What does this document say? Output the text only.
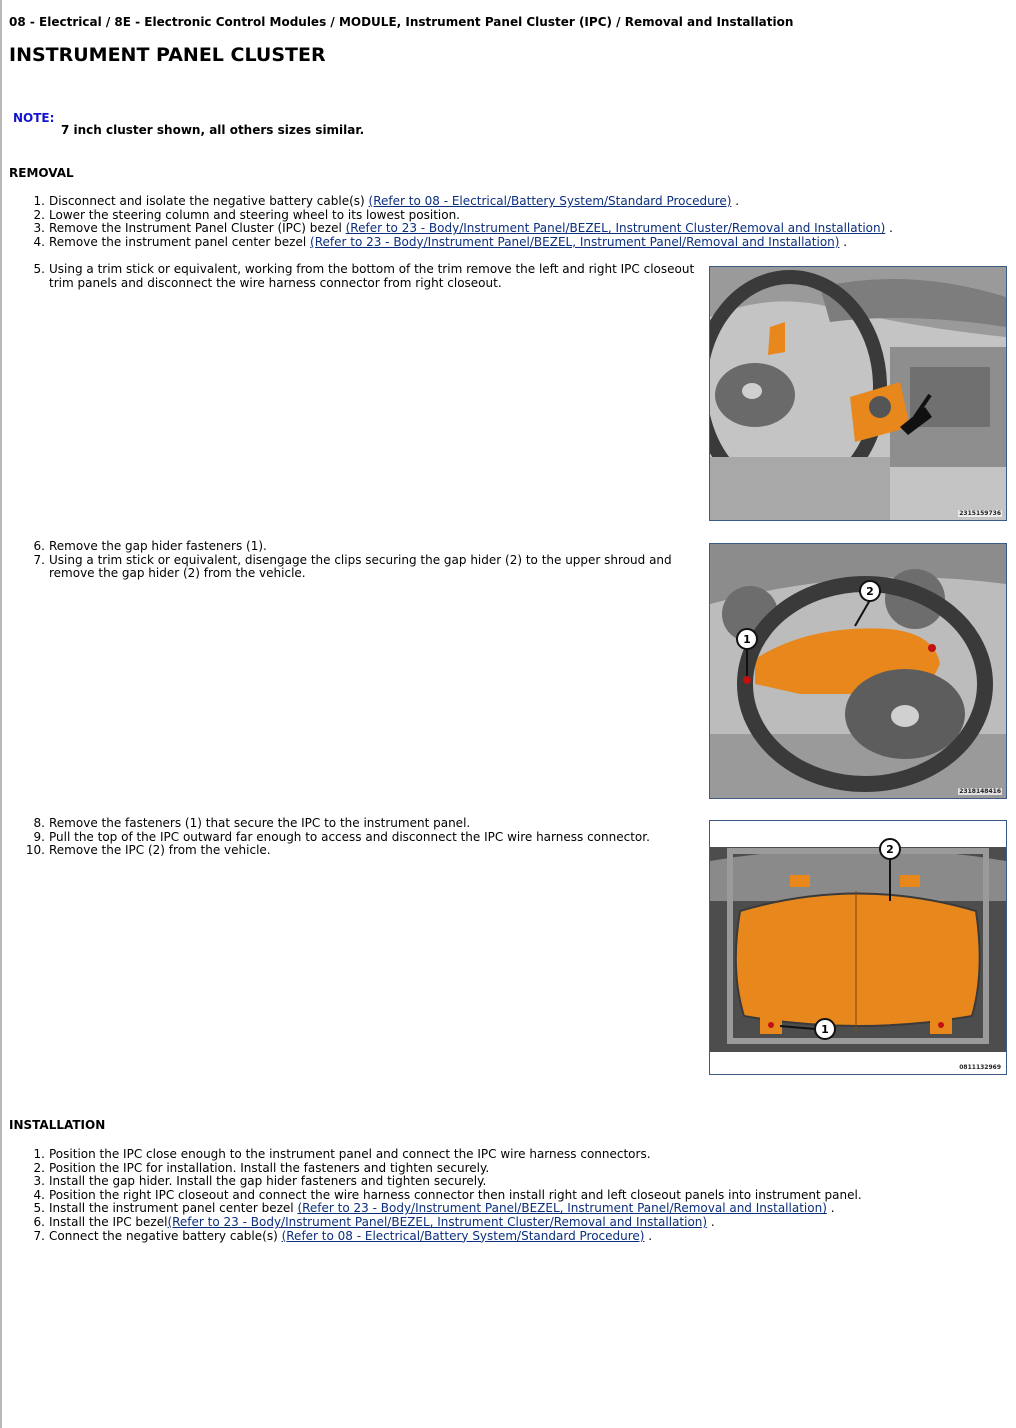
08 - Electrical / 8E - Electronic Control Modules / MODULE, Instrument Panel Cluster (IPC) / Removal and Installation
INSTRUMENT PANEL CLUSTER
NOTE:
7 inch cluster shown, all others sizes similar.
REMOVAL
1. Disconnect and isolate the negative battery cable(s) (Refer to 08 - Electrical/Battery System/Standard Procedure) .
2. Lower the steering column and steering wheel to its lowest position.
3. Remove the Instrument Panel Cluster (IPC) bezel (Refer to 23 - Body/Instrument Panel/BEZEL, Instrument Cluster/Removal and Installation) .
4. Remove the instrument panel center bezel (Refer to 23 - Body/Instrument Panel/BEZEL, Instrument Panel/Removal and Installation) .
5. Using a trim stick or equivalent, working from the bottom of the trim remove the left and right IPC closeout trim panels and disconnect the wire harness connector from right closeout.
6. Remove the gap hider fasteners (1).
7. Using a trim stick or equivalent, disengage the clips securing the gap hider (2) to the upper shroud and remove the gap hider (2) from the vehicle.
8. Remove the fasteners (1) that secure the IPC to the instrument panel.
9. Pull the top of the IPC outward far enough to access and disconnect the IPC wire harness connector.
10. Remove the IPC (2) from the vehicle.
2315159736
1
2
2318148416
2
1
0811132969
INSTALLATION
1. Position the IPC close enough to the instrument panel and connect the IPC wire harness connectors.
2. Position the IPC for installation. Install the fasteners and tighten securely.
3. Install the gap hider. Install the gap hider fasteners and tighten securely.
4. Position the right IPC closeout and connect the wire harness connector then install right and left closeout panels into instrument panel.
5. Install the instrument panel center bezel (Refer to 23 - Body/Instrument Panel/BEZEL, Instrument Panel/Removal and Installation) .
6. Install the IPC bezel(Refer to 23 - Body/Instrument Panel/BEZEL, Instrument Cluster/Removal and Installation) .
7. Connect the negative battery cable(s) (Refer to 08 - Electrical/Battery System/Standard Procedure) .
